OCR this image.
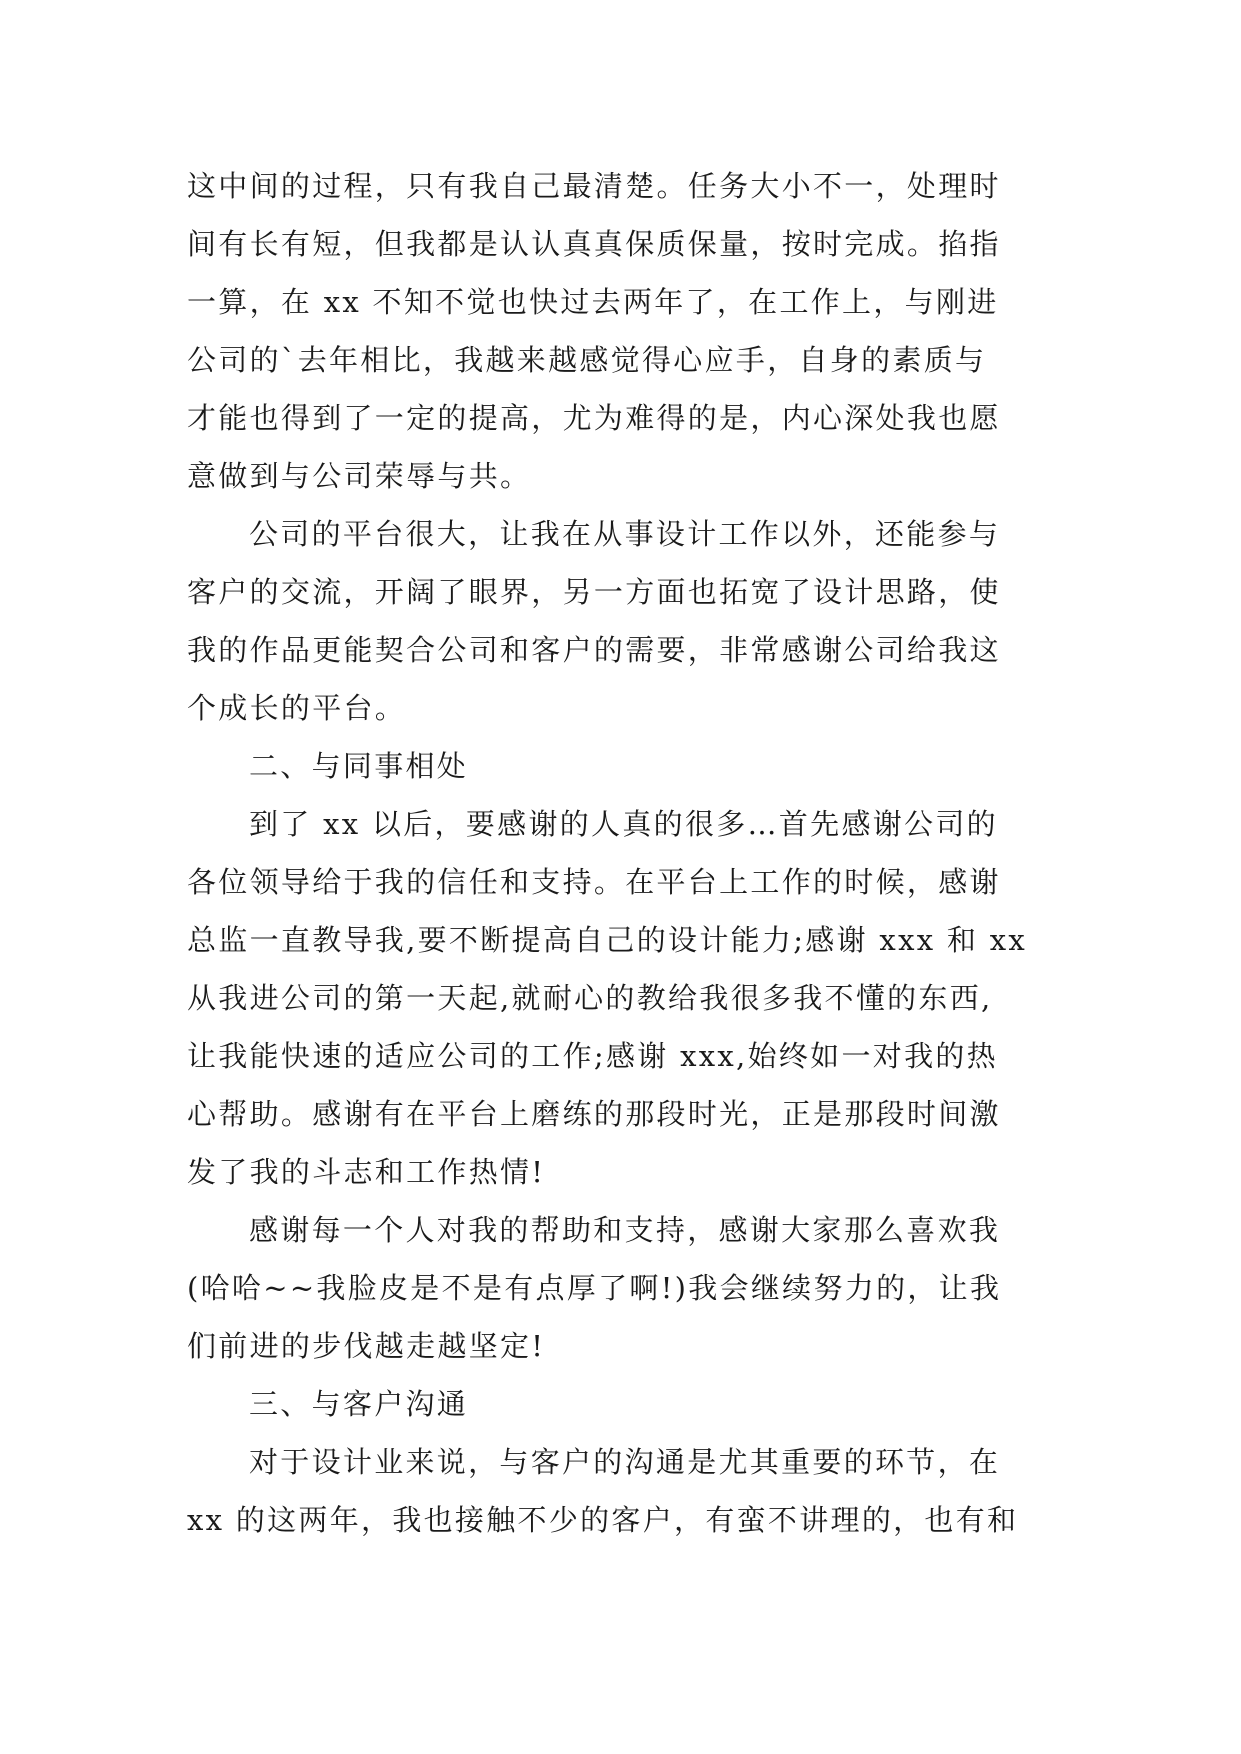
这中间的过程，只有我自己最清楚。任务大小不一，处理时
间有长有短，但我都是认认真真保质保量，按时完成。掐指
一算，在 xx 不知不觉也快过去两年了，在工作上，与刚进
公司的`去年相比，我越来越感觉得心应手，自身的素质与
才能也得到了一定的提高，尤为难得的是，内心深处我也愿
意做到与公司荣辱与共。
公司的平台很大，让我在从事设计工作以外，还能参与
客户的交流，开阔了眼界，另一方面也拓宽了设计思路，使
我的作品更能契合公司和客户的需要，非常感谢公司给我这
个成长的平台。
二、与同事相处
到了 xx 以后，要感谢的人真的很多…首先感谢公司的
各位领导给于我的信任和支持。在平台上工作的时候，感谢
总监一直教导我,要不断提高自己的设计能力;感谢 xxx 和 xx
从我进公司的第一天起,就耐心的教给我很多我不懂的东西,
让我能快速的适应公司的工作;感谢 xxx,始终如一对我的热
心帮助。感谢有在平台上磨练的那段时光，正是那段时间激
发了我的斗志和工作热情!
感谢每一个人对我的帮助和支持，感谢大家那么喜欢我
(哈哈~~我脸皮是不是有点厚了啊!)我会继续努力的，让我
们前进的步伐越走越坚定!
三、与客户沟通
对于设计业来说，与客户的沟通是尤其重要的环节，在
xx 的这两年，我也接触不少的客户，有蛮不讲理的，也有和
